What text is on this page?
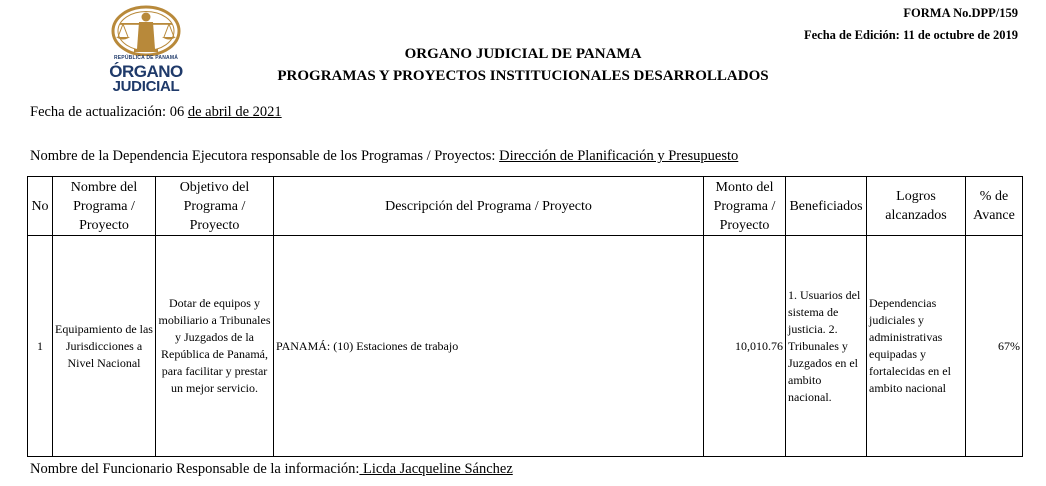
REPÚBLICA DE PANAMÁ
ÓRGANO
JUDICIAL
FORMA No.DPP/159
Fecha de Edición: 11 de octubre de 2019
ORGANO JUDICIAL DE PANAMA
PROGRAMAS Y PROYECTOS INSTITUCIONALES DESARROLLADOS
Fecha de actualización: 06 de abril de 2021
Nombre de la Dependencia Ejecutora responsable de los Programas / Proyectos: Dirección de Planificación y Presupuesto
No	Nombre del Programa / Proyecto	Objetivo del Programa / Proyecto	Descripción del Programa / Proyecto	Monto del Programa / Proyecto	Beneficiados	Logros alcanzados	% de Avance
1	Equipamiento de las Jurisdicciones a Nivel Nacional	Dotar de equipos y mobiliario a Tribunales y Juzgados de la República de Panamá, para facilitar y prestar un mejor servicio.	PANAMÁ: (10) Estaciones de trabajo	10,010.76	1. Usuarios del sistema de justicia. 2. Tribunales y Juzgados en el ambito nacional.	Dependencias judiciales y administrativas equipadas y fortalecidas en el ambito nacional	67%
Nombre del Funcionario Responsable de la información: Licda Jacqueline Sánchez
